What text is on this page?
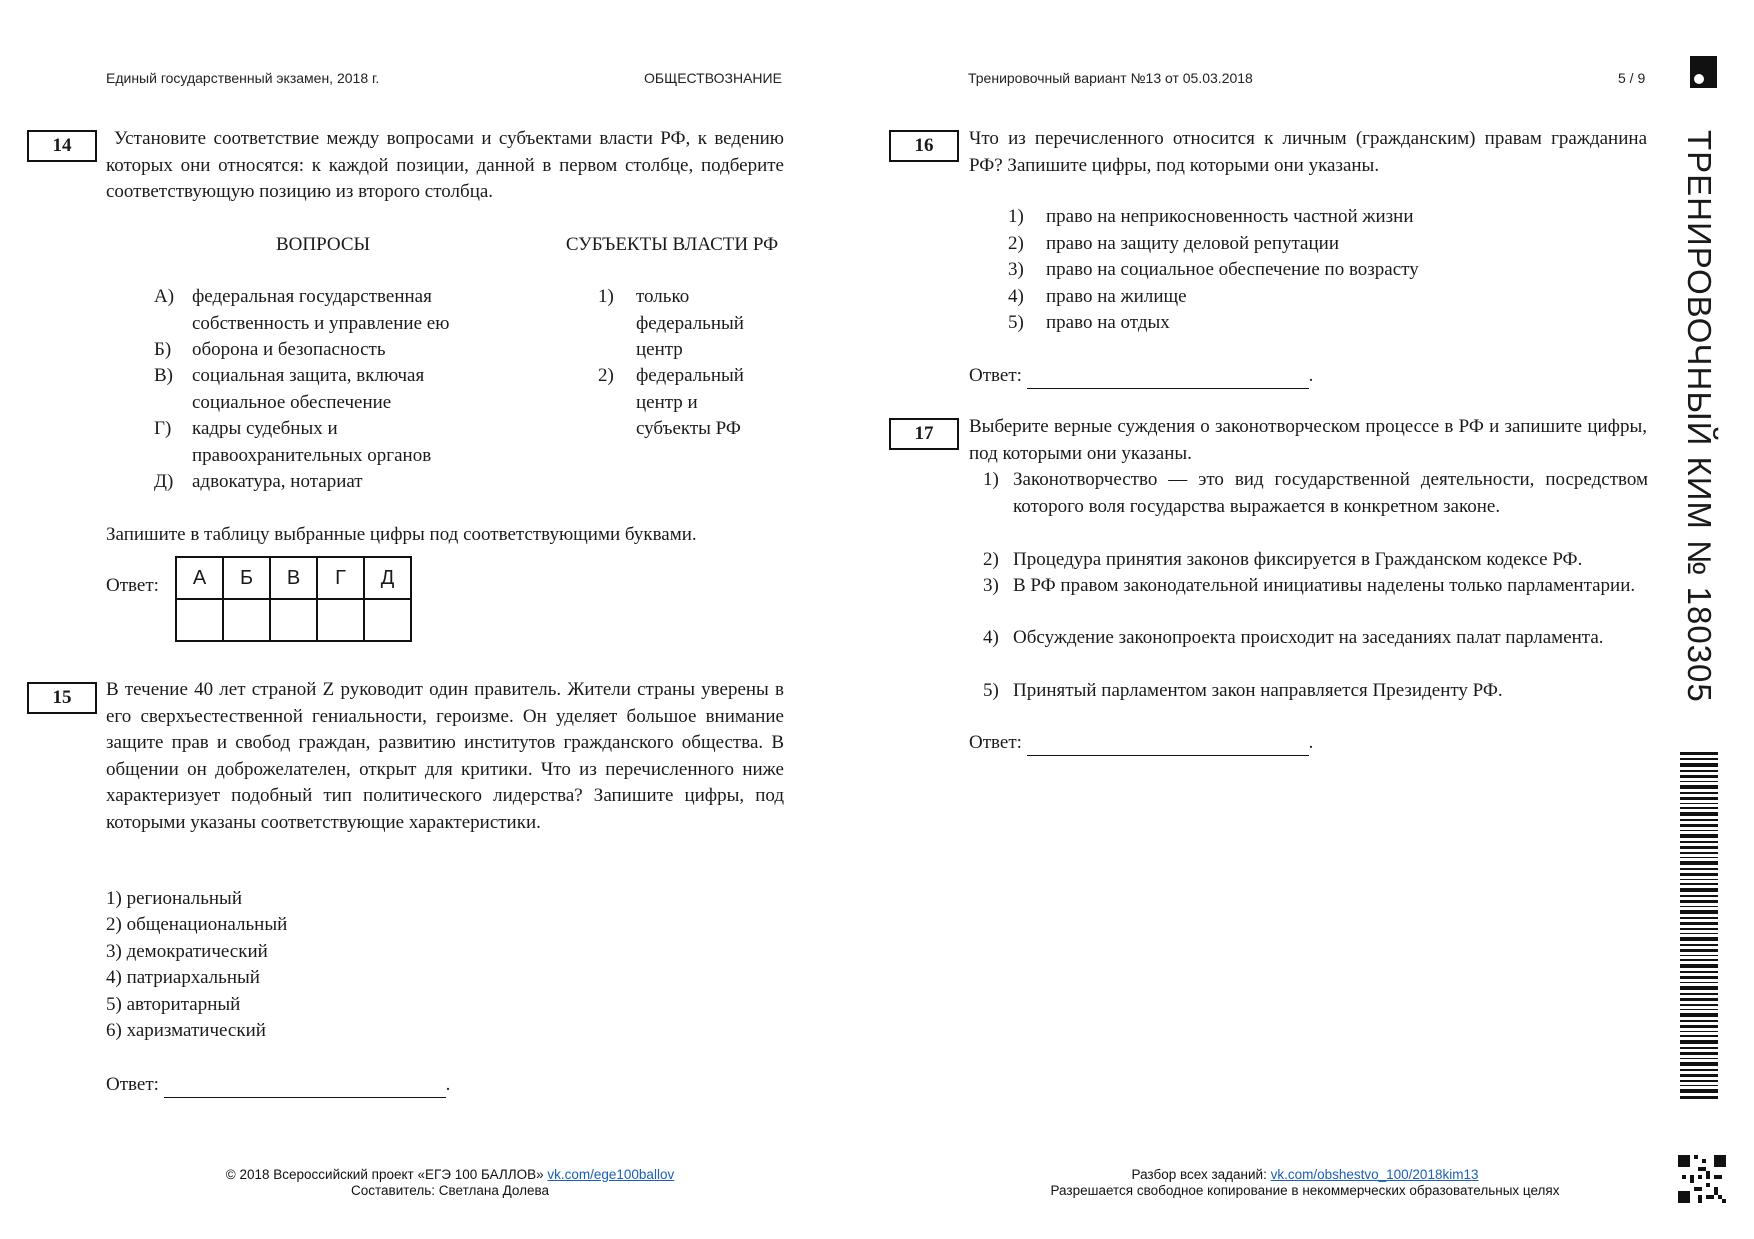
Единый государственный экзамен, 2018 г.	ОБЩЕСТВОЗНАНИЕ	Тренировочный вариант №13 от 05.03.2018	5 / 9
ТРЕНИРОВОЧНЫЙ КИМ № 180305
14	Установите соответствие между вопросами и субъектами власти РФ, к ведению которых они относятся: к каждой позиции, данной в первом столбце, подберите соответствующую позицию из второго столбца.
ВОПРОСЫ	СУБЪЕКТЫ ВЛАСТИ РФ
А) федеральная государственная собственность и управление ею
Б)	оборона и безопасность
В)	социальная защита, включая социальное обеспечение
Г)	кадры судебных и правоохранительных органов
Д) адвокатура, нотариат
1)	только федеральный центр
2)	федеральный центр и субъекты РФ
Запишите в таблицу выбранные цифры под соответствующими буквами.
Ответ: А	Б	В	Г	Д

15	В течение 40 лет страной Z руководит один правитель. Жители страны уверены в его сверхъестественной гениальности, героизме. Он уделяет большое внимание защите прав и свобод граждан, развитию институтов гражданского общества. В общении он доброжелателен, открыт для критики. Что из перечисленного ниже характеризует подобный тип политического лидерства? Запишите цифры, под которыми указаны соответствующие характеристики.
1) региональный
2) общенациональный
3) демократический
4) патриархальный
5) авторитарный
6) харизматический
Ответ:	.
16	Что из перечисленного относится к личным (гражданским) правам гражданина РФ? Запишите цифры, под которыми они указаны.
1)	право на неприкосновенность частной жизни
2)	право на защиту деловой репутации
3)	право на социальное обеспечение по возрасту
4)	право на жилище
5)	право на отдых
Ответ:	.
17	Выберите верные суждения о законотворческом процессе в РФ и запишите цифры, под которыми они указаны.
1) Законотворчество — это вид государственной деятельности, посредством которого воля государства выражается в конкретном законе.
2) Процедура принятия законов фиксируется в Гражданском кодексе РФ.
3) В РФ правом законодательной инициативы наделены только парламентарии.
4) Обсуждение законопроекта происходит на заседаниях палат парламента.
5) Принятый парламентом закон направляется Президенту РФ.
Ответ:	.
© 2018 Всероссийский проект «ЕГЭ 100 БАЛЛОВ» vk.com/ege100ballov
Составитель: Светлана Долева
Разбор всех заданий: vk.com/obshestvo_100/2018kim13
Разрешается свободное копирование в некоммерческих образовательных целях
